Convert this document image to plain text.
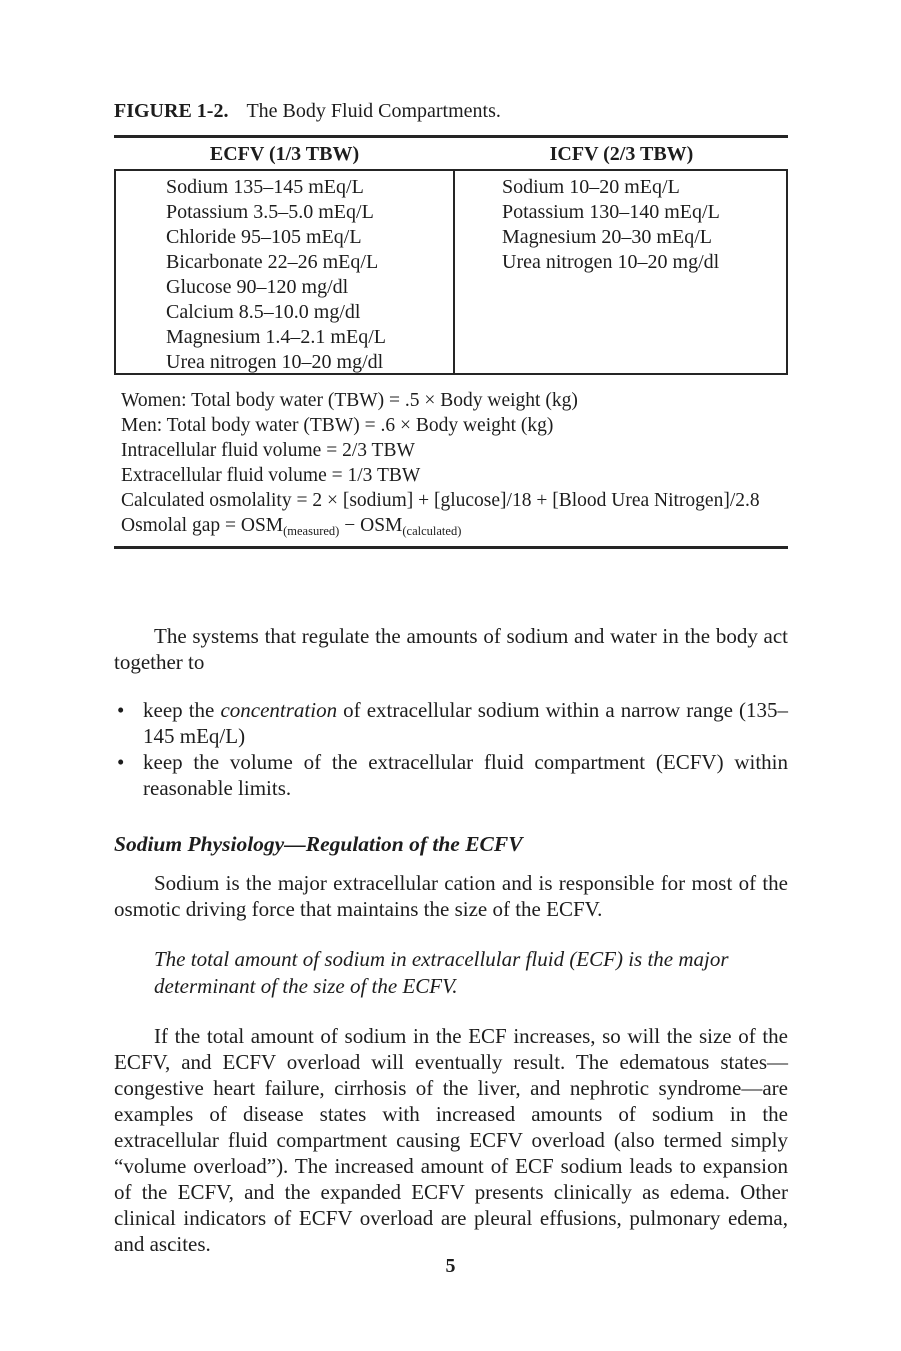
FIGURE 1-2. The Body Fluid Compartments.
ECFV (1/3 TBW)	ICFV (2/3 TBW)
Sodium 135–145 mEq/L
Potassium 3.5–5.0 mEq/L
Chloride 95–105 mEq/L
Bicarbonate 22–26 mEq/L
Glucose 90–120 mg/dl
Calcium 8.5–10.0 mg/dl
Magnesium 1.4–2.1 mEq/L
Urea nitrogen 10–20 mg/dl
Sodium 10–20 mEq/L
Potassium 130–140 mEq/L
Magnesium 20–30 mEq/L
Urea nitrogen 10–20 mg/dl
Women: Total body water (TBW) = .5 × Body weight (kg)
Men: Total body water (TBW) = .6 × Body weight (kg)
Intracellular fluid volume = 2/3 TBW
Extracellular fluid volume = 1/3 TBW
Calculated osmolality = 2 × [sodium] + [glucose]/18 + [Blood Urea Nitrogen]/2.8
Osmolal gap = $OSM_{(measured)} - OSM_{(calculated)}$

The systems that regulate the amounts of sodium and water in the body act together to

• keep the concentration of extracellular sodium within a narrow range (135–145 mEq/L)
• keep the volume of the extracellular fluid compartment (ECFV) within reasonable limits.
Sodium Physiology—Regulation of the ECFV

Sodium is the major extracellular cation and is responsible for most of the osmotic driving force that maintains the size of the ECFV.

The total amount of sodium in extracellular fluid (ECF) is the major determinant of the size of the ECFV.

If the total amount of sodium in the ECF increases, so will the size of the ECFV, and ECFV overload will eventually result. The edematous states—congestive heart failure, cirrhosis of the liver, and nephrotic syndrome—are examples of disease states with increased amounts of sodium in the extracellular fluid compartment causing ECFV overload (also termed simply “volume overload”). The increased amount of ECF sodium leads to expansion of the ECFV, and the expanded ECFV presents clinically as edema. Other clinical indicators of ECFV overload are pleural effusions, pulmonary edema, and ascites.

5
